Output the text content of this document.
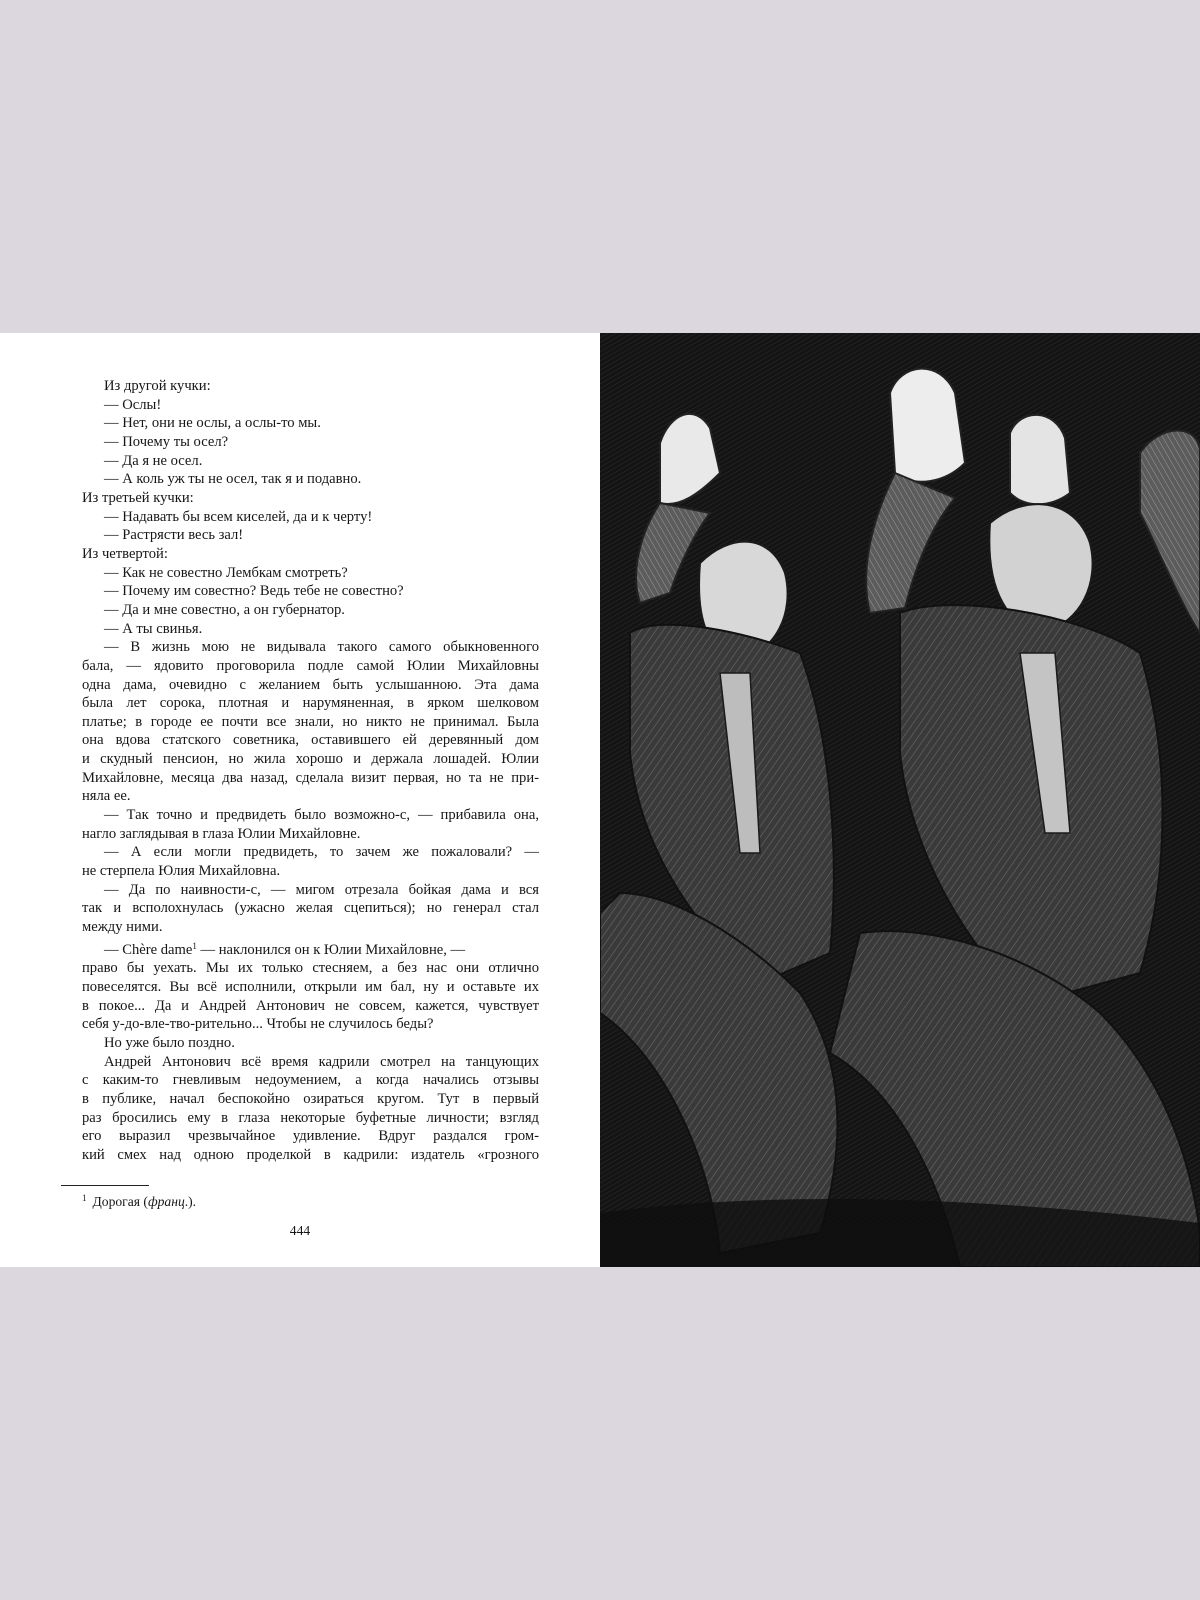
Из другой кучки:
— Ослы!
— Нет, они не ослы, а ослы-то мы.
— Почему ты осел?
— Да я не осел.
— А коль уж ты не осел, так я и подавно.
Из третьей кучки:
— Надавать бы всем киселей, да и к черту!
— Растрясти весь зал!
Из четвертой:
— Как не совестно Лембкам смотреть?
— Почему им совестно? Ведь тебе не совестно?
— Да и мне совестно, а он губернатор.
— А ты свинья.
— В жизнь мою не видывала такого самого обыкновенного
бала, — ядовито проговорила подле самой Юлии Михайловны
одна дама, очевидно с желанием быть услышанною. Эта дама
была лет сорока, плотная и нарумяненная, в ярком шелковом
платье; в городе ее почти все знали, но никто не принимал. Была
она вдова статского советника, оставившего ей деревянный дом
и скудный пенсион, но жила хорошо и держала лошадей. Юлии
Михайловне, месяца два назад, сделала визит первая, но та не при-
няла ее.
— Так точно и предвидеть было возможно-с, — прибавила она,
нагло заглядывая в глаза Юлии Михайловне.
— А если могли предвидеть, то зачем же пожаловали? —
не стерпела Юлия Михайловна.
— Да по наивности-с, — мигом отрезала бойкая дама и вся
так и всполохнулась (ужасно желая сцепиться); но генерал стал
между ними.
— Chère dame$^1$ — наклонился он к Юлии Михайловне, —
право бы уехать. Мы их только стесняем, а без нас они отлично
повеселятся. Вы всё исполнили, открыли им бал, ну и оставьте их
в покое... Да и Андрей Антонович не совсем, кажется, чувствует
себя у-до-вле-тво-рительно... Чтобы не случилось беды?
Но уже было поздно.
Андрей Антонович всё время кадрили смотрел на танцующих
с каким-то гневливым недоумением, а когда начались отзывы
в публике, начал беспокойно озираться кругом. Тут в первый
раз бросились ему в глаза некоторые буфетные личности; взгляд
его выразил чрезвычайное удивление. Вдруг раздался гром-
кий смех над одною проделкой в кадрили: издатель «грозного
$^1$ Дорогая (франц.).
444
